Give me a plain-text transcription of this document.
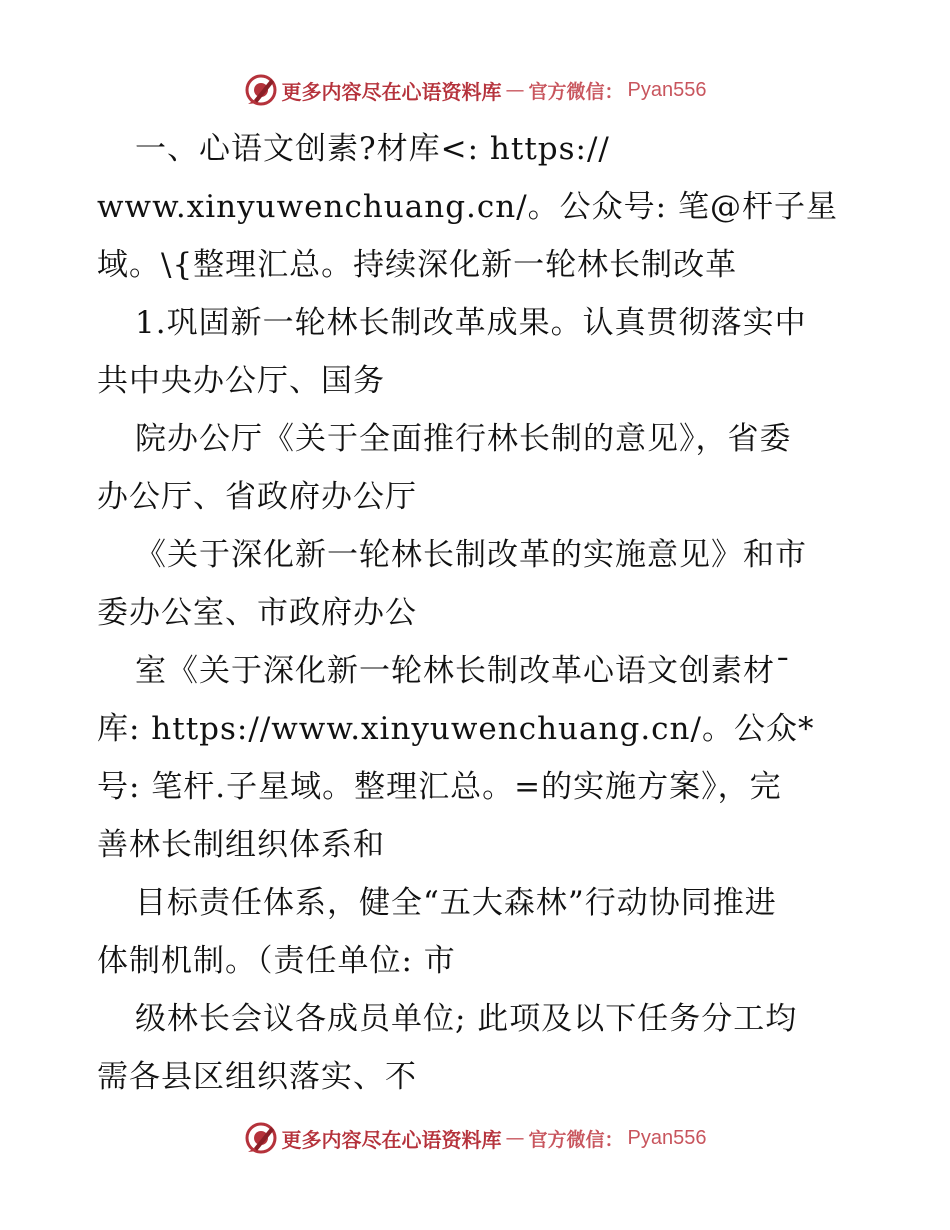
更多内容尽在心语资料库 — 官方微信： Pyan556
一、心语文创素?材库<: https://
www.xinyuwenchuang.cn/。公众号: 笔@杆子星
域。\{整理汇总。持续深化新一轮林长制改革
1.巩固新一轮林长制改革成果。认真贯彻落实中
共中央办公厅、国务
院办公厅《关于全面推行林长制的意见》，省委
办公厅、省政府办公厅
《关于深化新一轮林长制改革的实施意见》和市
委办公室、市政府办公
室《关于深化新一轮林长制改革心语文创素材¯
库: https://www.xinyuwenchuang.cn/。公众*
号: 笔杆.子星域。整理汇总。=的实施方案》，完
善林长制组织体系和
目标责任体系，健全“五大森林”行动协同推进
体制机制。（责任单位: 市
级林长会议各成员单位; 此项及以下任务分工均
需各县区组织落实、不
更多内容尽在心语资料库 — 官方微信： Pyan556
